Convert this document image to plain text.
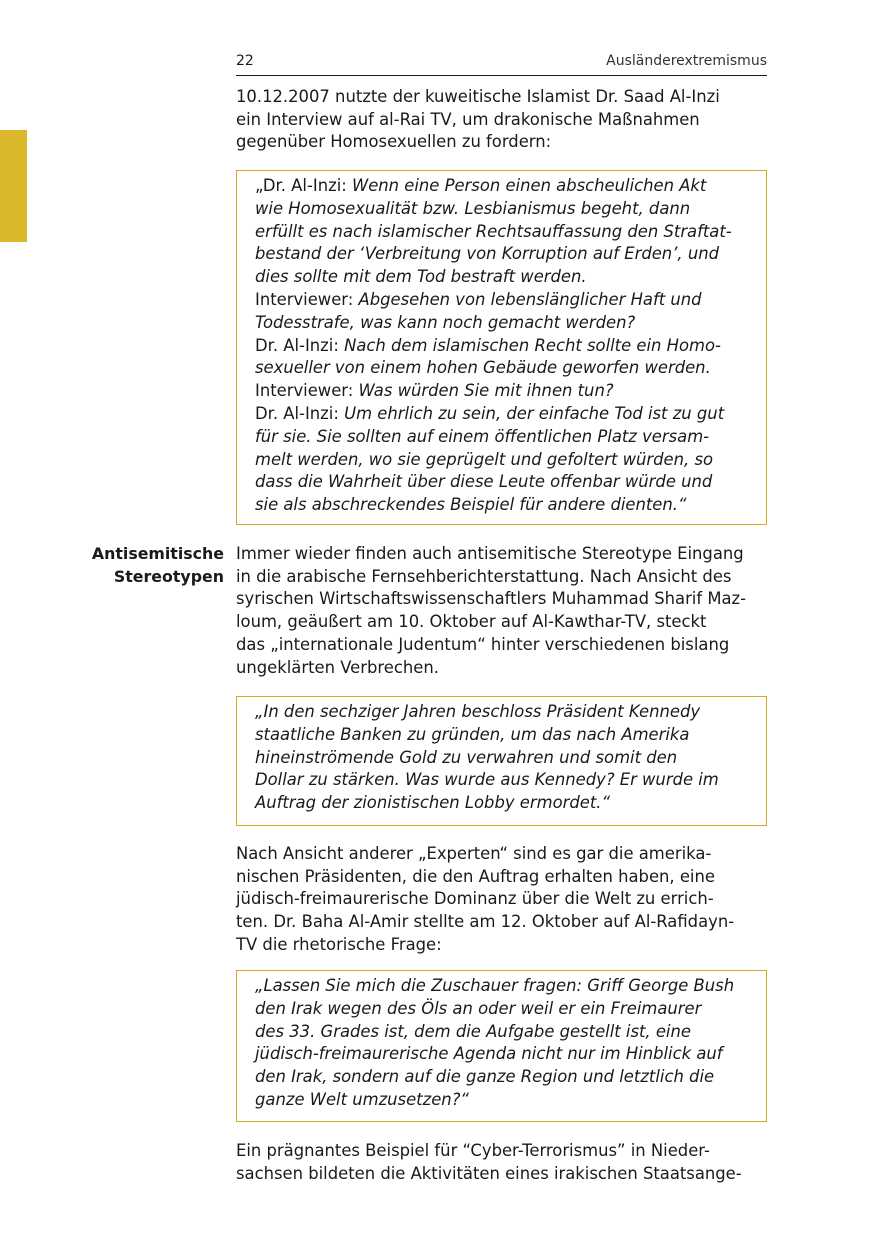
22	Ausländerextremismus

10.12.2007 nutzte der kuweitische Islamist Dr. Saad Al-Inzi
ein Interview auf al-Rai TV, um drakonische Maßnahmen
gegenüber Homosexuellen zu fordern:

„Dr. Al-Inzi: Wenn eine Person einen abscheulichen Akt
wie Homosexualität bzw. Lesbianismus begeht, dann
erfüllt es nach islamischer Rechtsauffassung den Straftat-
bestand der ‘Verbreitung von Korruption auf Erden’, und
dies sollte mit dem Tod bestraft werden.
Interviewer: Abgesehen von lebenslänglicher Haft und
Todesstrafe, was kann noch gemacht werden?
Dr. Al-Inzi: Nach dem islamischen Recht sollte ein Homo-
sexueller von einem hohen Gebäude geworfen werden.
Interviewer: Was würden Sie mit ihnen tun?
Dr. Al-Inzi: Um ehrlich zu sein, der einfache Tod ist zu gut
für sie. Sie sollten auf einem öffentlichen Platz versam-
melt werden, wo sie geprügelt und gefoltert würden, so
dass die Wahrheit über diese Leute offenbar würde und
sie als abschreckendes Beispiel für andere dienten.“

Antisemitische
Stereotypen

Immer wieder finden auch antisemitische Stereotype Eingang
in die arabische Fernsehberichterstattung. Nach Ansicht des
syrischen Wirtschaftswissenschaftlers Muhammad Sharif Maz-
loum, geäußert am 10. Oktober auf Al-Kawthar-TV, steckt
das „internationale Judentum“ hinter verschiedenen bislang
ungeklärten Verbrechen.

„In den sechziger Jahren beschloss Präsident Kennedy
staatliche Banken zu gründen, um das nach Amerika
hineinströmende Gold zu verwahren und somit den
Dollar zu stärken. Was wurde aus Kennedy? Er wurde im
Auftrag der zionistischen Lobby ermordet.“

Nach Ansicht anderer „Experten“ sind es gar die amerika-
nischen Präsidenten, die den Auftrag erhalten haben, eine
jüdisch-freimaurerische Dominanz über die Welt zu errich-
ten. Dr. Baha Al-Amir stellte am 12. Oktober auf Al-Rafidayn-
TV die rhetorische Frage:

„Lassen Sie mich die Zuschauer fragen: Griff George Bush
den Irak wegen des Öls an oder weil er ein Freimaurer
des 33. Grades ist, dem die Aufgabe gestellt ist, eine
jüdisch-freimaurerische Agenda nicht nur im Hinblick auf
den Irak, sondern auf die ganze Region und letztlich die
ganze Welt umzusetzen?“

Ein prägnantes Beispiel für “Cyber-Terrorismus” in Nieder-
sachsen bildeten die Aktivitäten eines irakischen Staatsange-
